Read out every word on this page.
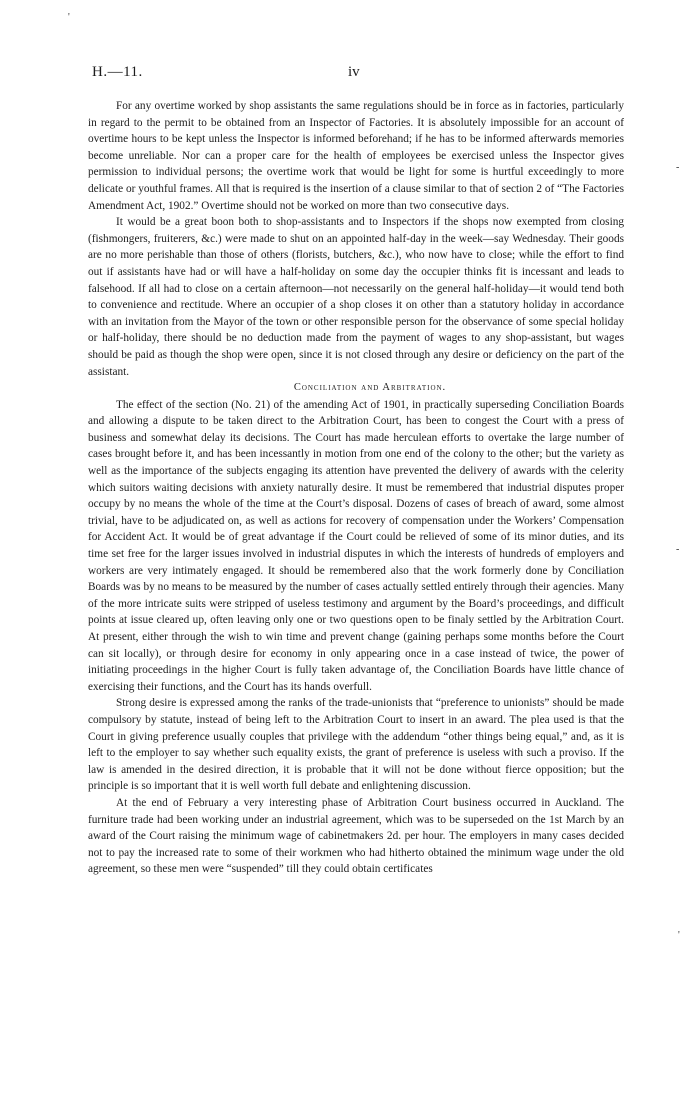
'
-
-
'
H.—11.	iv

For any overtime worked by shop assistants the same regulations should be in force as in factories, particularly in regard to the permit to be obtained from an Inspector of Factories. It is absolutely impossible for an account of overtime hours to be kept unless the Inspector is informed beforehand; if he has to be informed afterwards memories become unreliable. Nor can a proper care for the health of employees be exercised unless the Inspector gives permission to individual persons; the overtime work that would be light for some is hurtful exceedingly to more delicate or youthful frames. All that is required is the insertion of a clause similar to that of section 2 of “The Factories Amendment Act, 1902.” Overtime should not be worked on more than two consecutive days.

It would be a great boon both to shop-assistants and to Inspectors if the shops now exempted from closing (fishmongers, fruiterers, &c.) were made to shut on an appointed half-day in the week—say Wednesday. Their goods are no more perishable than those of others (florists, butchers, &c.), who now have to close; while the effort to find out if assistants have had or will have a half-holiday on some day the occupier thinks fit is incessant and leads to falsehood. If all had to close on a certain afternoon—not necessarily on the general half-holiday—it would tend both to convenience and rectitude. Where an occupier of a shop closes it on other than a statutory holiday in accordance with an invitation from the Mayor of the town or other responsible person for the observance of some special holiday or half-holiday, there should be no deduction made from the payment of wages to any shop-assistant, but wages should be paid as though the shop were open, since it is not closed through any desire or deficiency on the part of the assistant.

Conciliation and Arbitration.

The effect of the section (No. 21) of the amending Act of 1901, in practically superseding Conciliation Boards and allowing a dispute to be taken direct to the Arbitration Court, has been to congest the Court with a press of business and somewhat delay its decisions. The Court has made herculean efforts to overtake the large number of cases brought before it, and has been incessantly in motion from one end of the colony to the other; but the variety as well as the importance of the subjects engaging its attention have prevented the delivery of awards with the celerity which suitors waiting decisions with anxiety naturally desire. It must be remembered that industrial disputes proper occupy by no means the whole of the time at the Court’s disposal. Dozens of cases of breach of award, some almost trivial, have to be adjudicated on, as well as actions for recovery of compensation under the Workers’ Compensation for Accident Act. It would be of great advantage if the Court could be relieved of some of its minor duties, and its time set free for the larger issues involved in industrial disputes in which the interests of hundreds of employers and workers are very intimately engaged. It should be remembered also that the work formerly done by Conciliation Boards was by no means to be measured by the number of cases actually settled entirely through their agencies. Many of the more intricate suits were stripped of useless testimony and argument by the Board’s proceedings, and difficult points at issue cleared up, often leaving only one or two questions open to be finaly settled by the Arbitration Court. At present, either through the wish to win time and prevent change (gaining perhaps some months before the Court can sit locally), or through desire for economy in only appearing once in a case instead of twice, the power of initiating proceedings in the higher Court is fully taken advantage of, the Conciliation Boards have little chance of exercising their functions, and the Court has its hands overfull.

Strong desire is expressed among the ranks of the trade-unionists that “preference to unionists” should be made compulsory by statute, instead of being left to the Arbitration Court to insert in an award. The plea used is that the Court in giving preference usually couples that privilege with the addendum “other things being equal,” and, as it is left to the employer to say whether such equality exists, the grant of preference is useless with such a proviso. If the law is amended in the desired direction, it is probable that it will not be done without fierce opposition; but the principle is so important that it is well worth full debate and enlightening discussion.

At the end of February a very interesting phase of Arbitration Court business occurred in Auckland. The furniture trade had been working under an industrial agreement, which was to be superseded on the 1st March by an award of the Court raising the minimum wage of cabinetmakers 2d. per hour. The employers in many cases decided not to pay the increased rate to some of their workmen who had hitherto obtained the minimum wage under the old agreement, so these men were “suspended” till they could obtain certificates
